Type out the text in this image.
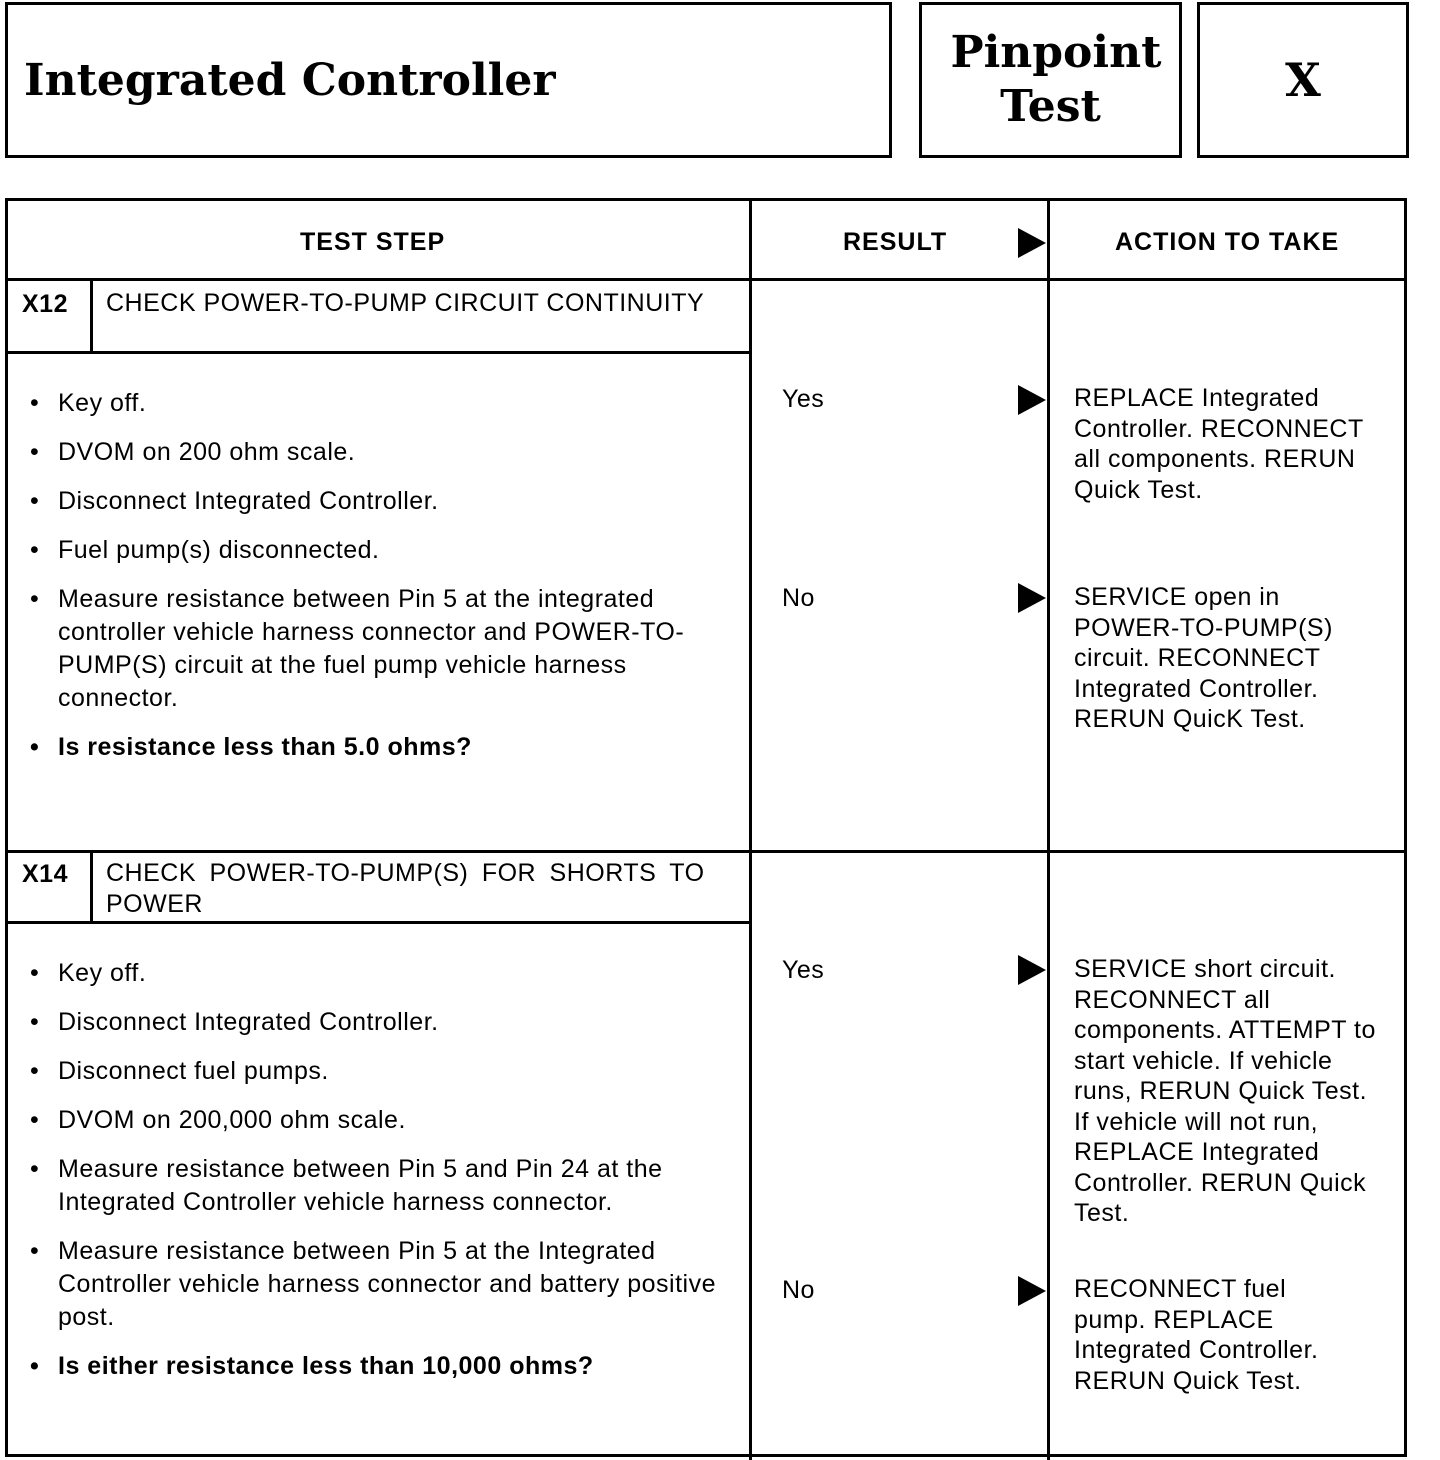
Integrated Controller
Pinpoint Test	X
TEST STEP	RESULT	ACTION TO TAKE
X12 CHECK POWER-TO-PUMP CIRCUIT CONTINUITY
• Key off.
• DVOM on 200 ohm scale.
• Disconnect Integrated Controller.
• Fuel pump(s) disconnected.
• Measure resistance between Pin 5 at the integrated controller vehicle harness connector and POWER-TO-PUMP(S) circuit at the fuel pump vehicle harness connector.
• Is resistance less than 5.0 ohms?
Yes	REPLACE Integrated Controller. RECONNECT all components. RERUN Quick Test.
No	SERVICE open in POWER-TO-PUMP(S) circuit. RECONNECT Integrated Controller. RERUN QuicK Test.
X14 CHECK POWER-TO-PUMP(S) FOR SHORTS TO POWER
• Key off.
• Disconnect Integrated Controller.
• Disconnect fuel pumps.
• DVOM on 200,000 ohm scale.
• Measure resistance between Pin 5 and Pin 24 at the Integrated Controller vehicle harness connector.
• Measure resistance between Pin 5 at the Integrated Controller vehicle harness connector and battery positive post.
• Is either resistance less than 10,000 ohms?
Yes	SERVICE short circuit. RECONNECT all components. ATTEMPT to start vehicle. If vehicle runs, RERUN Quick Test. If vehicle will not run, REPLACE Integrated Controller. RERUN Quick Test.
No	RECONNECT fuel pump. REPLACE Integrated Controller. RERUN Quick Test.
